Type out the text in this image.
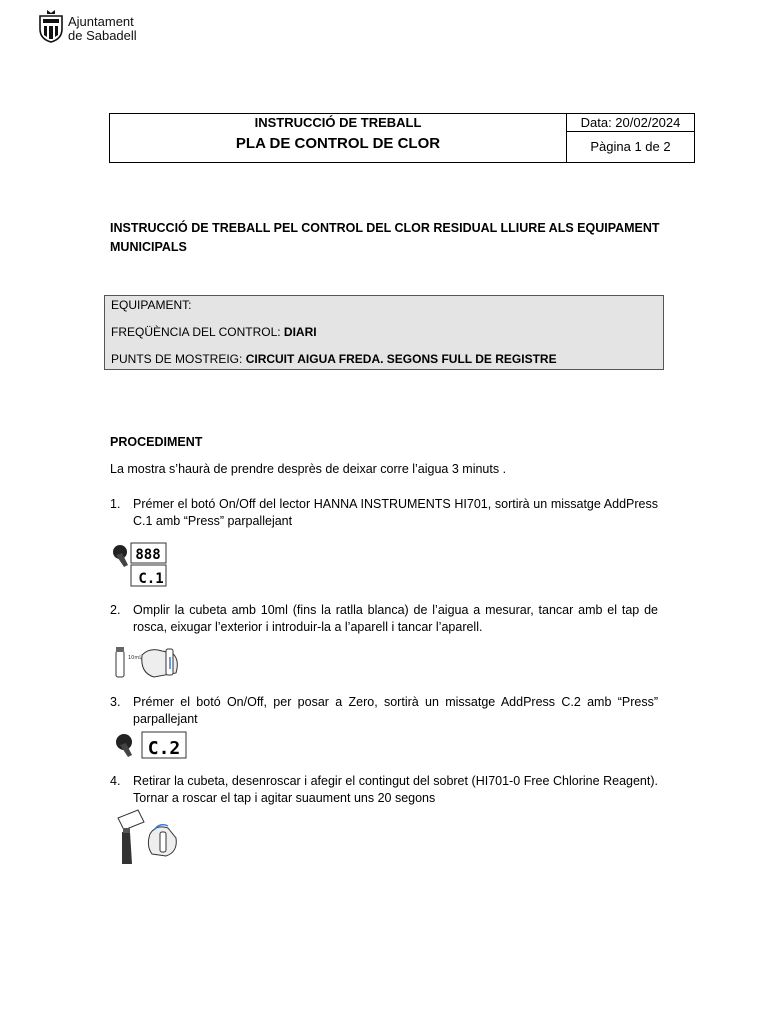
Ajuntament
de Sabadell
INSTRUCCIÓ DE TREBALL
PLA DE CONTROL DE CLOR
Data: 20/02/2024
Pàgina 1 de 2
INSTRUCCIÓ DE TREBALL PEL CONTROL DEL CLOR RESIDUAL LLIURE ALS EQUIPAMENT MUNICIPALS
EQUIPAMENT:
FREQÜÈNCIA DEL CONTROL: DIARI
PUNTS DE MOSTREIG: CIRCUIT AIGUA FREDA. SEGONS FULL DE REGISTRE
PROCEDIMENT
La mostra s’haurà de prendre desprès de deixar corre l’aigua 3 minuts .
1. Prémer el botó On/Off del lector HANNA INSTRUMENTS HI701, sortirà un missatge AddPress C.1 amb “Press” parpallejant
888
C.1
2. Omplir la cubeta amb 10ml (fins la ratlla blanca) de l’aigua a mesurar, tancar amb el tap de rosca, eixugar l’exterior i introduir-la a l’aparell i tancar l’aparell.
10mL
3. Prémer el botó On/Off, per posar a Zero, sortirà un missatge AddPress C.2 amb “Press” parpallejant
C.2
4. Retirar la cubeta, desenroscar i afegir el contingut del sobret (HI701-0 Free Chlorine Reagent). Tornar a roscar el tap i agitar suaument uns 20 segons
